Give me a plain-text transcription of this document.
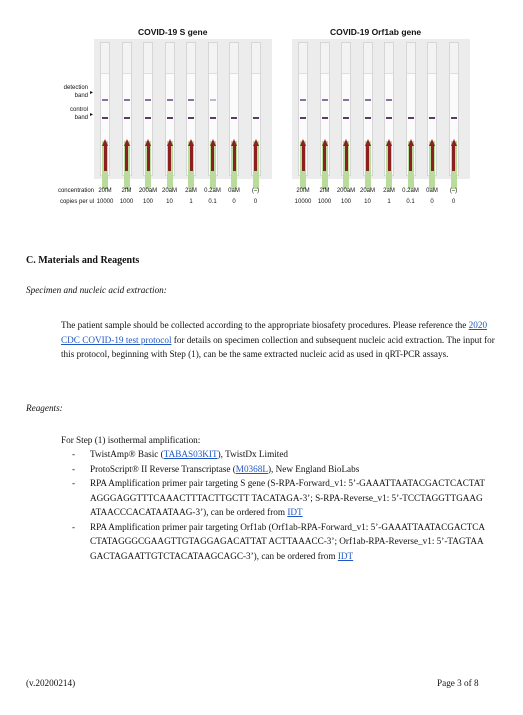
COVID-19 S gene	COVID-19 Orf1ab gene
detection
band ▸
control
band ▸
concentration
copies per ul
20fM
10000
2fM
1000
200aM
100
20aM
10
2aM
1
0.2aM
0.1
0aM
0
(–)
0
20fM
10000
2fM
1000
200aM
100
20aM
10
2aM
1
0.2aM
0.1
0aM
0
(–)
0
C. Materials and Reagents
Specimen and nucleic acid extraction:
The patient sample should be collected according to the appropriate biosafety procedures. Please reference the 2020 CDC COVID-19 test protocol for details on specimen collection and subsequent nucleic acid extraction. The input for this protocol, beginning with Step (1), can be the same extracted nucleic acid as used in qRT-PCR assays.
Reagents:
For Step (1) isothermal amplification:
- TwistAmp® Basic (TABAS03KIT), TwistDx Limited
- ProtoScript® II Reverse Transcriptase (M0368L), New England BioLabs
- RPA Amplification primer pair targeting S gene (S-RPA-Forward_v1: 5’-GAAATTAATACGACTCACTATAGGGAGGTTTCAAACTTTACTTGCTT TACATAGA-3’; S-RPA-Reverse_v1: 5’-TCCTAGGTTGAAGATAACCCACATAATAAG-3’), can be ordered from IDT
- RPA Amplification primer pair targeting Orf1ab (Orf1ab-RPA-Forward_v1: 5’-GAAATTAATACGACTCACTATAGGGCGAAGTTGTAGGAGACATTAT ACTTAAACC-3’; Orf1ab-RPA-Reverse_v1: 5’-TAGTAAGACTAGAATTGTCTACATAAGCAGC-3’), can be ordered from IDT
(v.20200214)	Page 3 of 8
